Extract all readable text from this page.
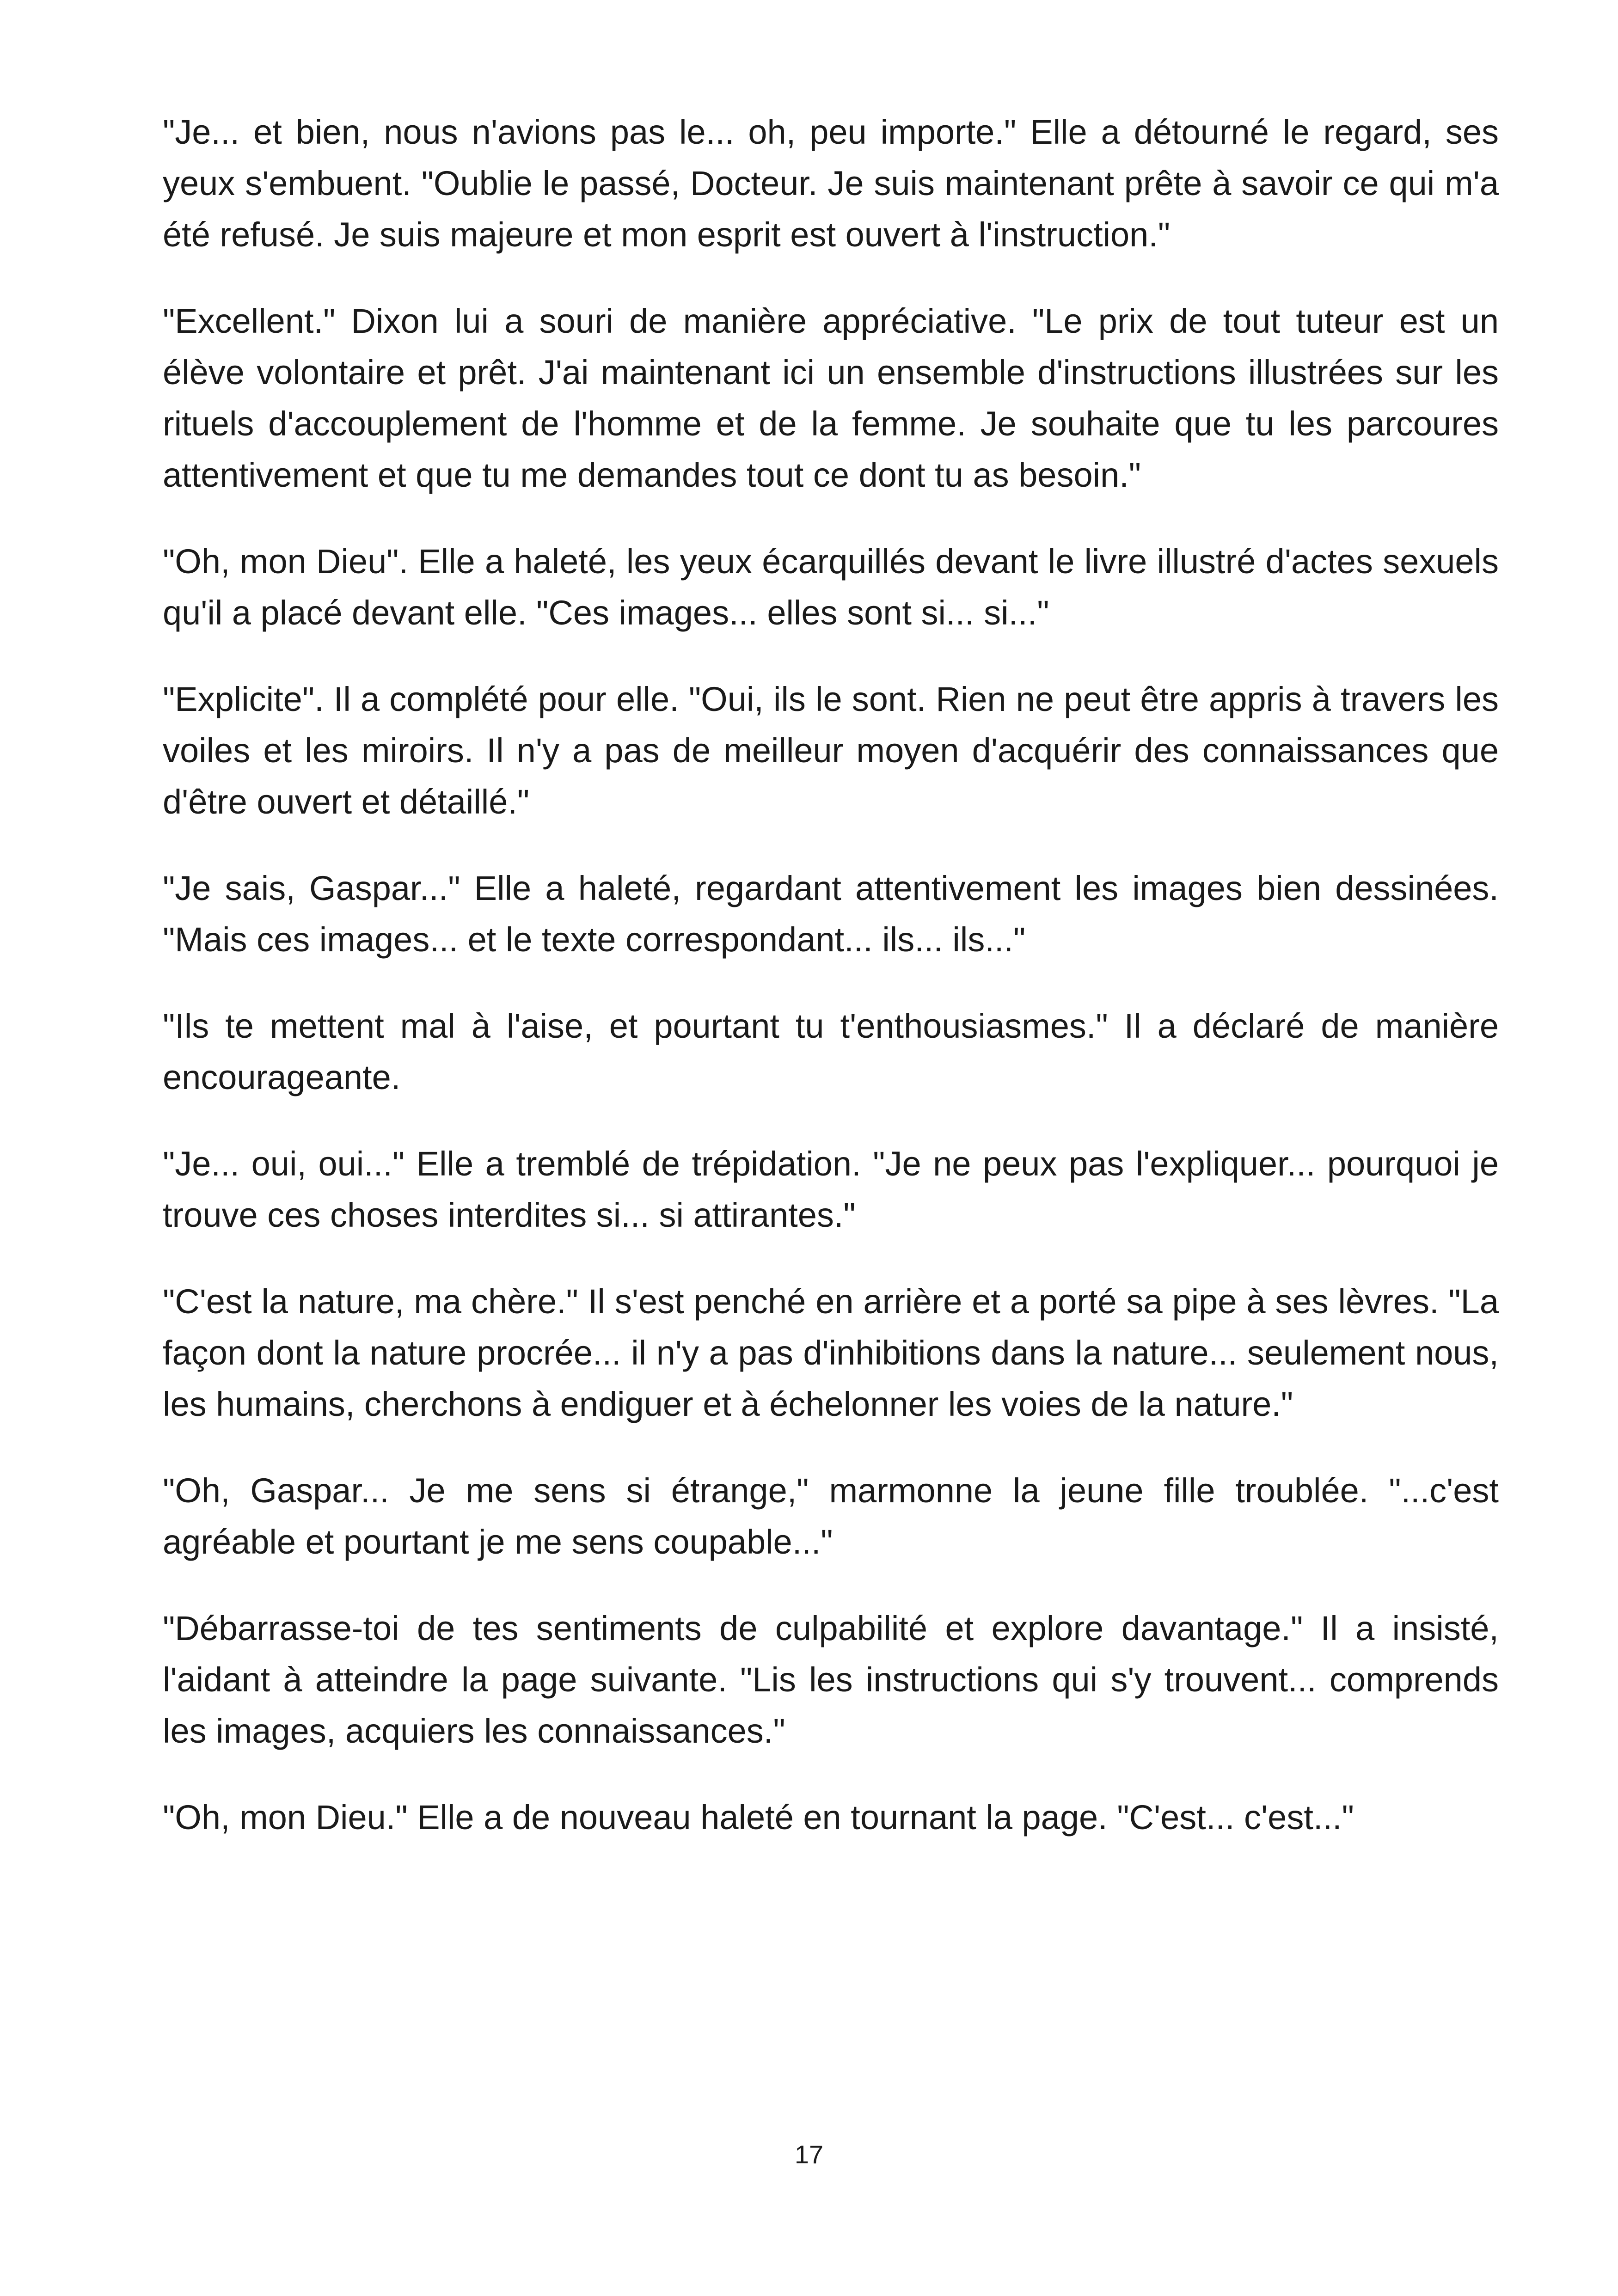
"Je... et bien, nous n'avions pas le... oh, peu importe." Elle a détourné le regard, ses yeux s'embuent. "Oublie le passé, Docteur. Je suis maintenant prête à savoir ce qui m'a été refusé. Je suis majeure et mon esprit est ouvert à l'instruction."

"Excellent." Dixon lui a souri de manière appréciative. "Le prix de tout tuteur est un élève volontaire et prêt. J'ai maintenant ici un ensemble d'instructions illustrées sur les rituels d'accouplement de l'homme et de la femme. Je souhaite que tu les parcoures attentivement et que tu me demandes tout ce dont tu as besoin."

"Oh, mon Dieu". Elle a haleté, les yeux écarquillés devant le livre illustré d'actes sexuels qu'il a placé devant elle. "Ces images... elles sont si... si..."

"Explicite". Il a complété pour elle. "Oui, ils le sont. Rien ne peut être appris à travers les voiles et les miroirs. Il n'y a pas de meilleur moyen d'acquérir des connaissances que d'être ouvert et détaillé."

"Je sais, Gaspar..." Elle a haleté, regardant attentivement les images bien dessinées. "Mais ces images... et le texte correspondant... ils... ils..."

"Ils te mettent mal à l'aise, et pourtant tu t'enthousiasmes." Il a déclaré de manière encourageante.

"Je... oui, oui..." Elle a tremblé de trépidation. "Je ne peux pas l'expliquer... pourquoi je trouve ces choses interdites si... si attirantes."

"C'est la nature, ma chère." Il s'est penché en arrière et a porté sa pipe à ses lèvres. "La façon dont la nature procrée... il n'y a pas d'inhibitions dans la nature... seulement nous, les humains, cherchons à endiguer et à échelonner les voies de la nature."

"Oh, Gaspar... Je me sens si étrange," marmonne la jeune fille troublée. "...c'est agréable et pourtant je me sens coupable..."

"Débarrasse-toi de tes sentiments de culpabilité et explore davantage." Il a insisté, l'aidant à atteindre la page suivante. "Lis les instructions qui s'y trouvent... comprends les images, acquiers les connaissances."

"Oh, mon Dieu." Elle a de nouveau haleté en tournant la page. "C'est... c'est..."

17
